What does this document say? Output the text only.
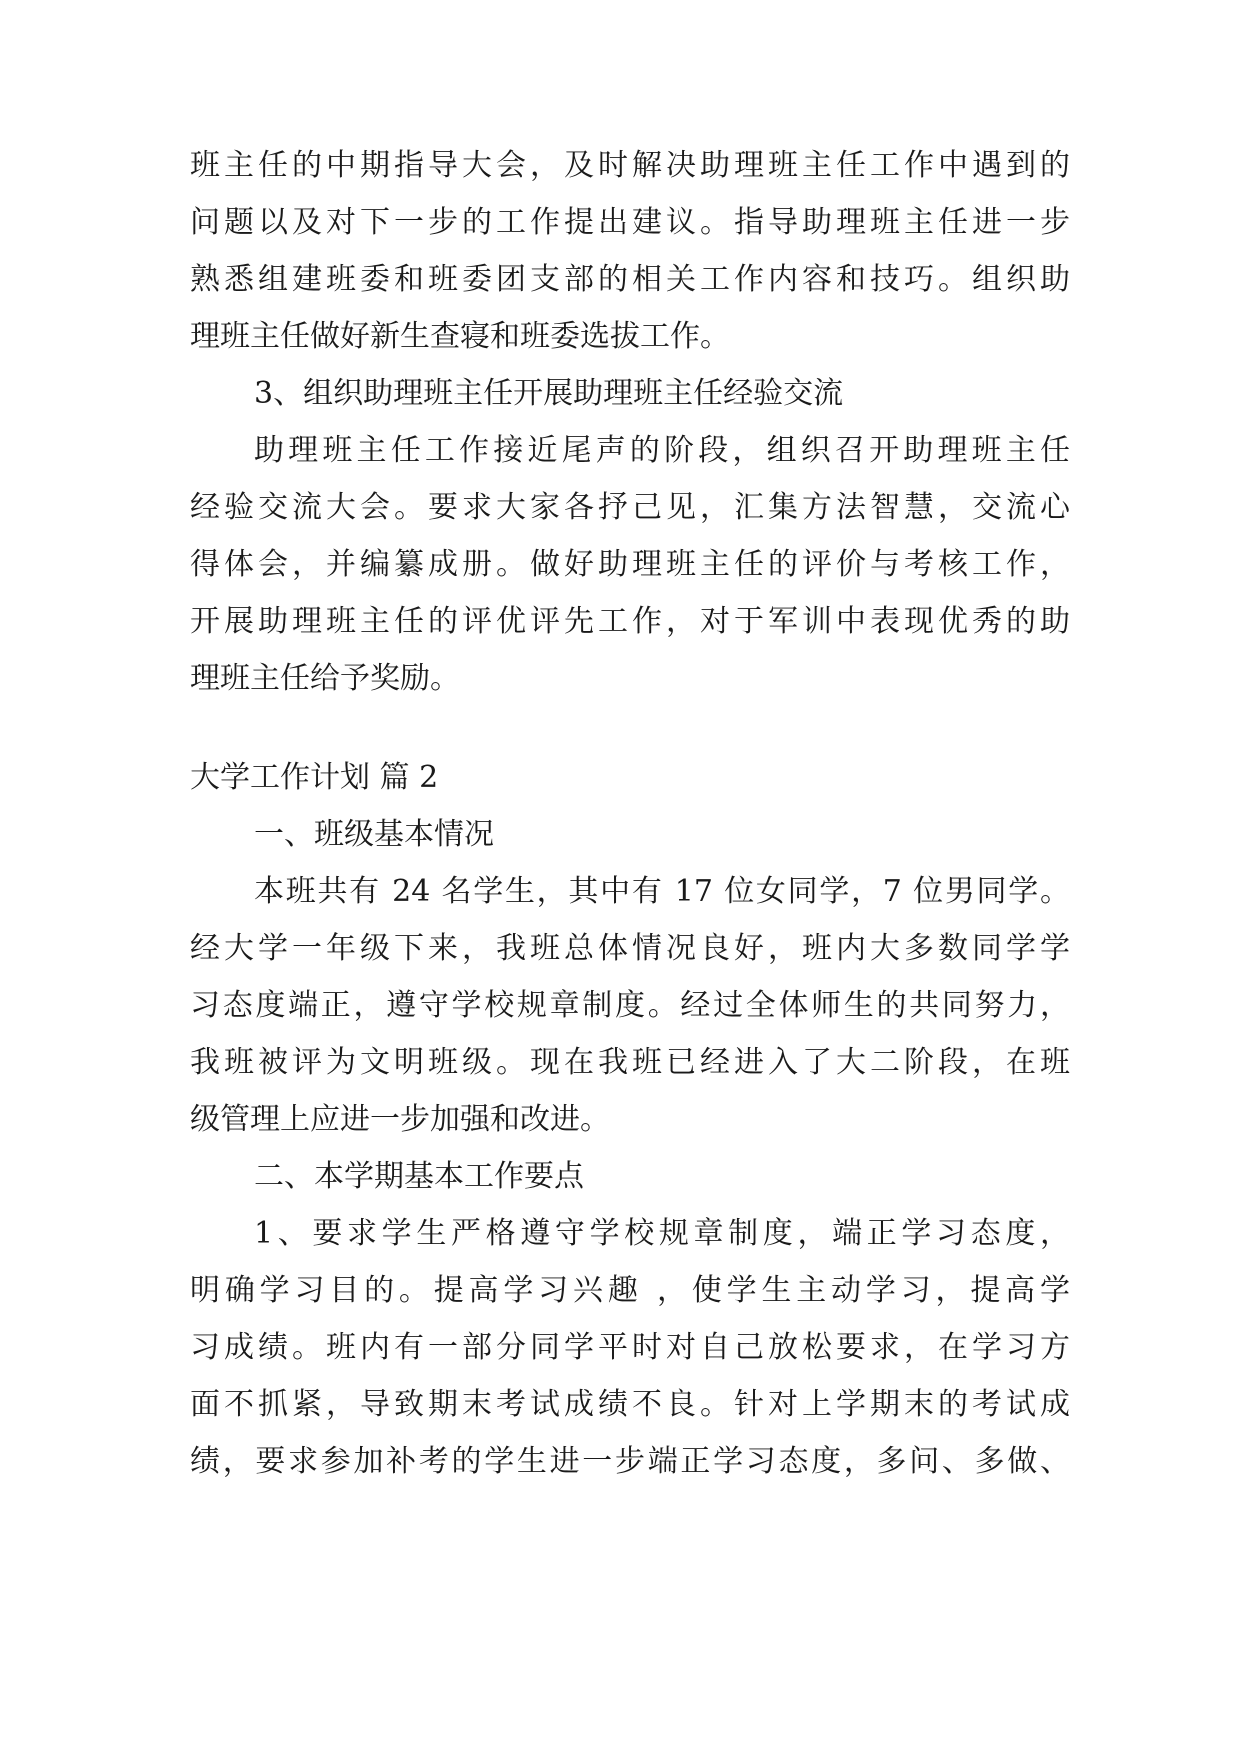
班主任的中期指导大会，及时解决助理班主任工作中遇到的
问题以及对下一步的工作提出建议。指导助理班主任进一步
熟悉组建班委和班委团支部的相关工作内容和技巧。组织助
理班主任做好新生查寝和班委选拔工作。
3、组织助理班主任开展助理班主任经验交流
助理班主任工作接近尾声的阶段，组织召开助理班主任
经验交流大会。要求大家各抒己见，汇集方法智慧，交流心
得体会，并编纂成册。做好助理班主任的评价与考核工作，
开展助理班主任的评优评先工作，对于军训中表现优秀的助
理班主任给予奖励。
大学工作计划 篇 2
一、班级基本情况
本班共有 24 名学生，其中有 17 位女同学，7 位男同学。
经大学一年级下来，我班总体情况良好，班内大多数同学学
习态度端正，遵守学校规章制度。经过全体师生的共同努力，
我班被评为文明班级。现在我班已经进入了大二阶段，在班
级管理上应进一步加强和改进。
二、本学期基本工作要点
1、要求学生严格遵守学校规章制度，端正学习态度，
明确学习目的。提高学习兴趣 ，使学生主动学习，提高学
习成绩。班内有一部分同学平时对自己放松要求，在学习方
面不抓紧，导致期末考试成绩不良。针对上学期末的考试成
绩，要求参加补考的学生进一步端正学习态度，多问、多做、
